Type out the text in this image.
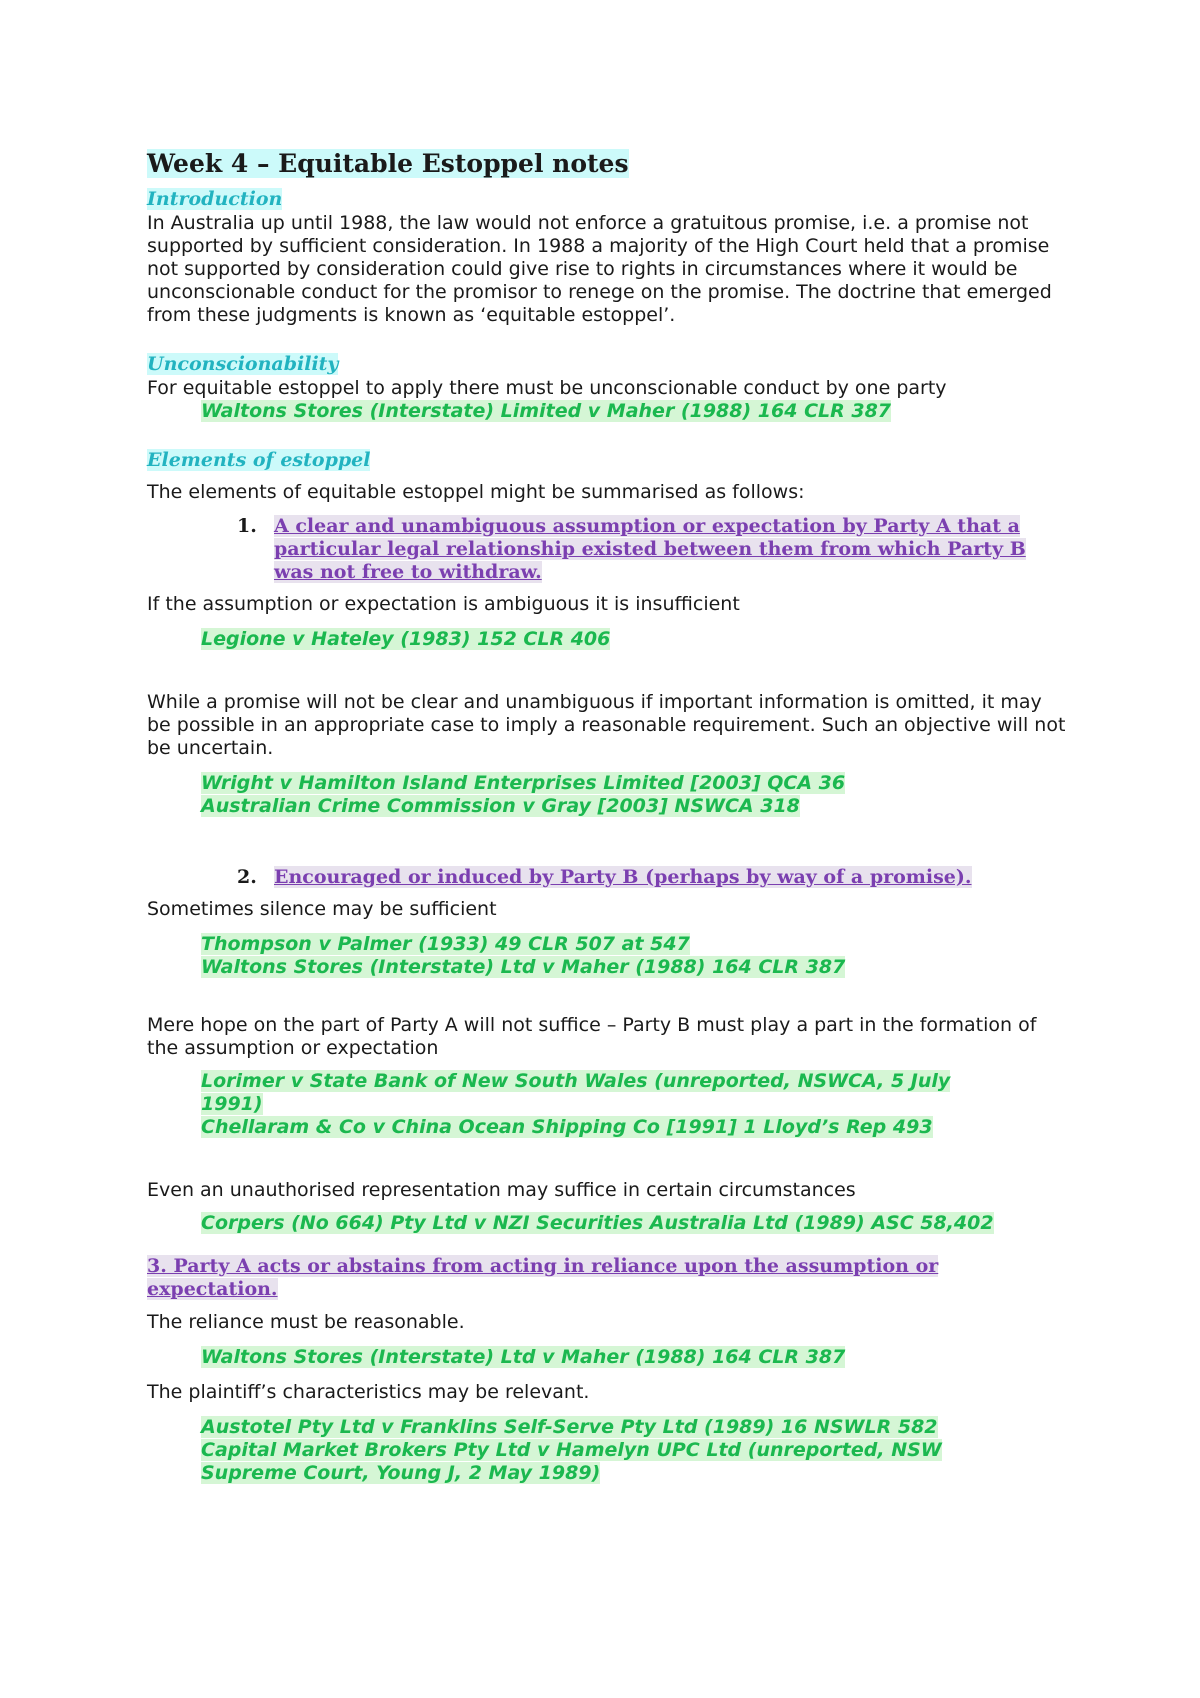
Week 4 – Equitable Estoppel notes
Introduction

In Australia up until 1988, the law would not enforce a gratuitous promise, i.e. a promise not supported by sufficient consideration. In 1988 a majority of the High Court held that a promise not supported by consideration could give rise to rights in circumstances where it would be unconscionable conduct for the promisor to renege on the promise. The doctrine that emerged from these judgments is known as ‘equitable estoppel’.

Unconscionability

For equitable estoppel to apply there must be unconscionable conduct by one party

Waltons Stores (Interstate) Limited v Maher (1988) 164 CLR 387

Elements of estoppel

The elements of equitable estoppel might be summarised as follows:

1. A clear and unambiguous assumption or expectation by Party A that a particular legal relationship existed between them from which Party B was not free to withdraw.

If the assumption or expectation is ambiguous it is insufficient

Legione v Hateley (1983) 152 CLR 406

While a promise will not be clear and unambiguous if important information is omitted, it may be possible in an appropriate case to imply a reasonable requirement. Such an objective will not be uncertain.

Wright v Hamilton Island Enterprises Limited [2003] QCA 36

Australian Crime Commission v Gray [2003] NSWCA 318

2. Encouraged or induced by Party B (perhaps by way of a promise).

Sometimes silence may be sufficient

Thompson v Palmer (1933) 49 CLR 507 at 547

Waltons Stores (Interstate) Ltd v Maher (1988) 164 CLR 387

Mere hope on the part of Party A will not suffice – Party B must play a part in the formation of the assumption or expectation

Lorimer v State Bank of New South Wales (unreported, NSWCA, 5 July 1991)

Chellaram & Co v China Ocean Shipping Co [1991] 1 Lloyd’s Rep 493

Even an unauthorised representation may suffice in certain circumstances

Corpers (No 664) Pty Ltd v NZI Securities Australia Ltd (1989) ASC 58,402

3. Party A acts or abstains from acting in reliance upon the assumption or expectation.

The reliance must be reasonable.

Waltons Stores (Interstate) Ltd v Maher (1988) 164 CLR 387

The plaintiff’s characteristics may be relevant.

Austotel Pty Ltd v Franklins Self-Serve Pty Ltd (1989) 16 NSWLR 582

Capital Market Brokers Pty Ltd v Hamelyn UPC Ltd (unreported, NSW Supreme Court, Young J, 2 May 1989)
